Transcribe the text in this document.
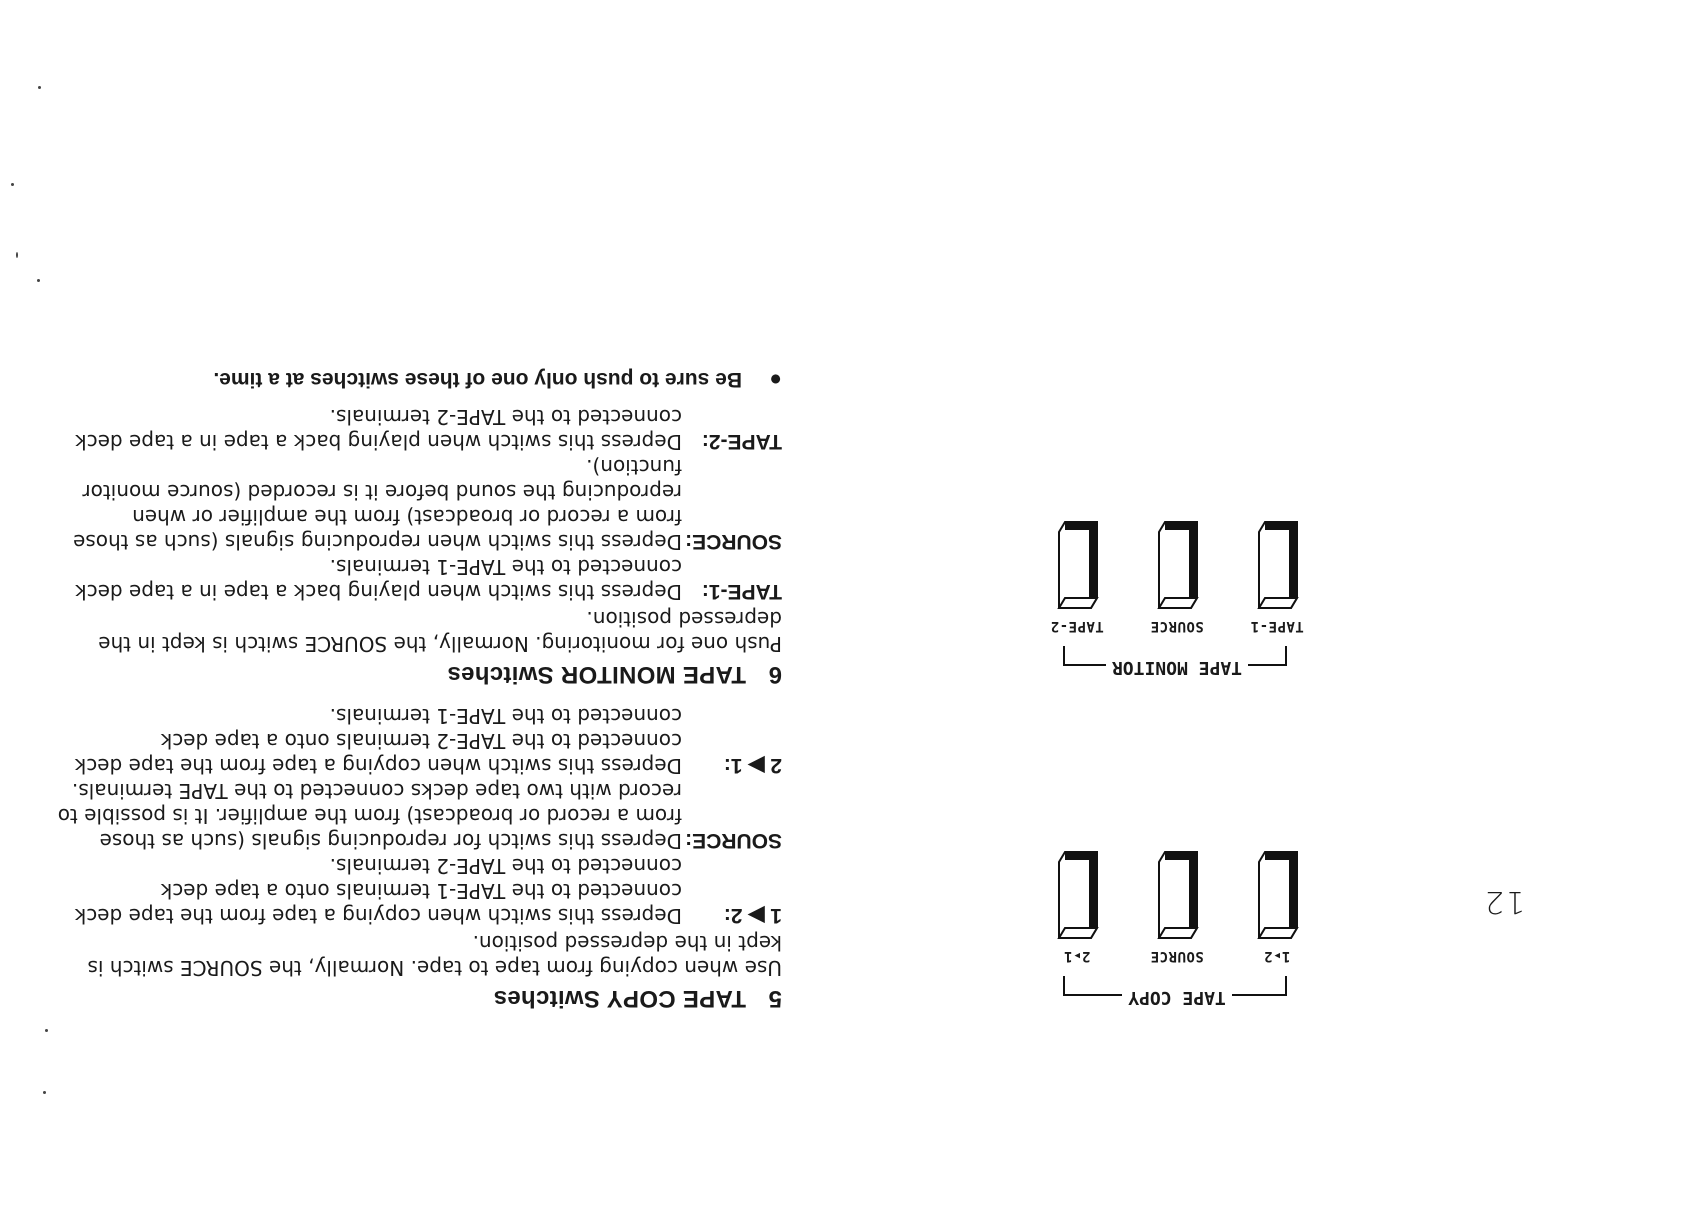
12
TAPE COPY
1▸2
SOURCE
2▸1
TAPE MONITOR
TAPE-1
SOURCE
TAPE-2
5TAPE COPY Switches

Use when copying from tape to tape. Normally, the SOURCE switch is kept in the depressed position.

1 ▶ 2:
Depress this switch when copying a tape from the tape deck connected to the TAPE-1 terminals onto a tape deck connected to the TAPE-2 terminals.
SOURCE:
Depress this switch for reproducing signals (such as those from a record or broadcast) from the amplifier. It is possible to record with two tape decks connected to the TAPE terminals.
2 ▶ 1:
Depress this switch when copying a tape from the tape deck connected to the TAPE-2 terminals onto a tape deck connected to the TAPE-1 terminals.
6TAPE MONITOR Switches

Push one for monitoring. Normally, the SOURCE switch is kept in the depressed position.

TAPE-1:
Depress this switch when playing back a tape in a tape deck connected to the TAPE-1 terminals.
SOURCE:
Depress this switch when reproducing signals (such as those from a record or broadcast) from the amplifier or when reproducing the sound before it is recorded (source monitor function).
TAPE-2:
Depress this switch when playing back a tape in a tape deck connected to the TAPE-2 terminals.
●Be sure to push only one of these switches at a time.
